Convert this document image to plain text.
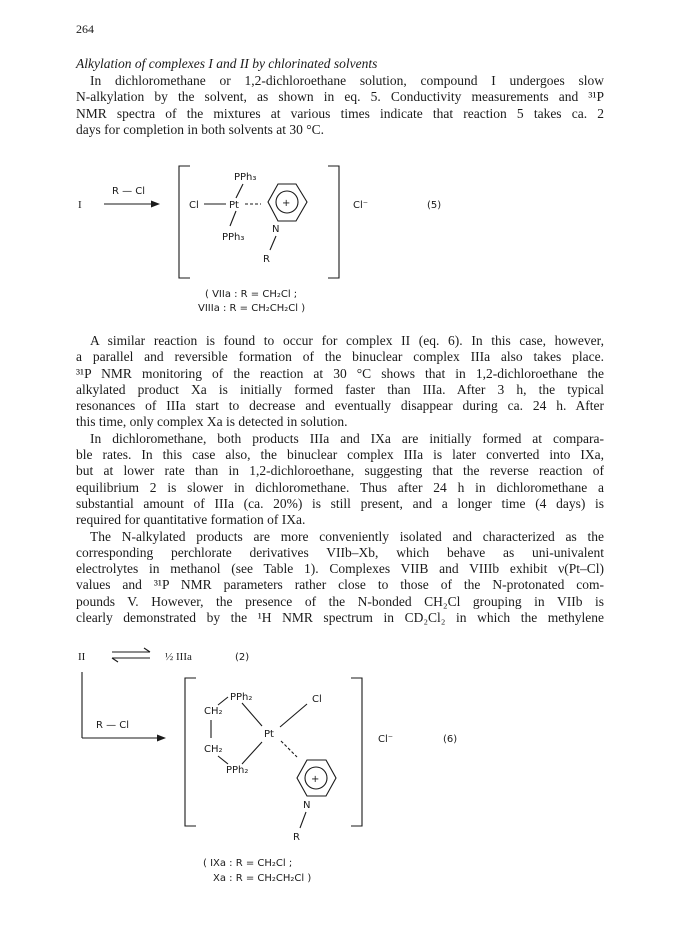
264
Alkylation of complexes I and II by chlorinated solvents
In dichloromethane or 1,2-dichloroethane solution, compound I undergoes slow
N-alkylation by the solvent, as shown in eq. 5. Conductivity measurements and ³¹P
NMR spectra of the mixtures at various times indicate that reaction 5 takes ca. 2
days for completion in both solvents at 30 °C.
I
R — Cl
Cl	Pt
PPh₃
PPh₃
+
N
R
Cl⁻	(5)
( VIIa : R = CH₂Cl ;
VIIIa : R = CH₂CH₂Cl )
A similar reaction is found to occur for complex II (eq. 6). In this case, however,
a parallel and reversible formation of the binuclear complex IIIa also takes place.
³¹P NMR monitoring of the reaction at 30 °C shows that in 1,2-dichloroethane the
alkylated product Xa is initially formed faster than IIIa. After 3 h, the typical
resonances of IIIa start to decrease and eventually disappear during ca. 24 h. After
this time, only complex Xa is detected in solution.
In dichloromethane, both products IIIa and IXa are initially formed at compara-
ble rates. In this case also, the binuclear complex IIIa is later converted into IXa,
but at lower rate than in 1,2-dichloroethane, suggesting that the reverse reaction of
equilibrium 2 is slower in dichloromethane. Thus after 24 h in dichloromethane a
substantial amount of IIIa (ca. 20%) is still present, and a longer time (4 days) is
required for quantitative formation of IXa.
The N-alkylated products are more conveniently isolated and characterized as the
corresponding perchlorate derivatives VIIb–Xb, which behave as uni-univalent
electrolytes in methanol (see Table 1). Complexes VIIB and VIIIb exhibit ν(Pt–Cl)
values and ³¹P NMR parameters rather close to those of the N-protonated com-
pounds V. However, the presence of the N-bonded CH₂Cl grouping in VIIb is
clearly demonstrated by the ¹H NMR spectrum in CD₂Cl₂ in which the methylene
II	½ IIIa	(2)
R — Cl
PPh₂
CH₂
CH₂
PPh₂
Pt
Cl
+
N
R
Cl⁻	(6)
( IXa : R = CH₂Cl ;
Xa : R = CH₂CH₂Cl )
